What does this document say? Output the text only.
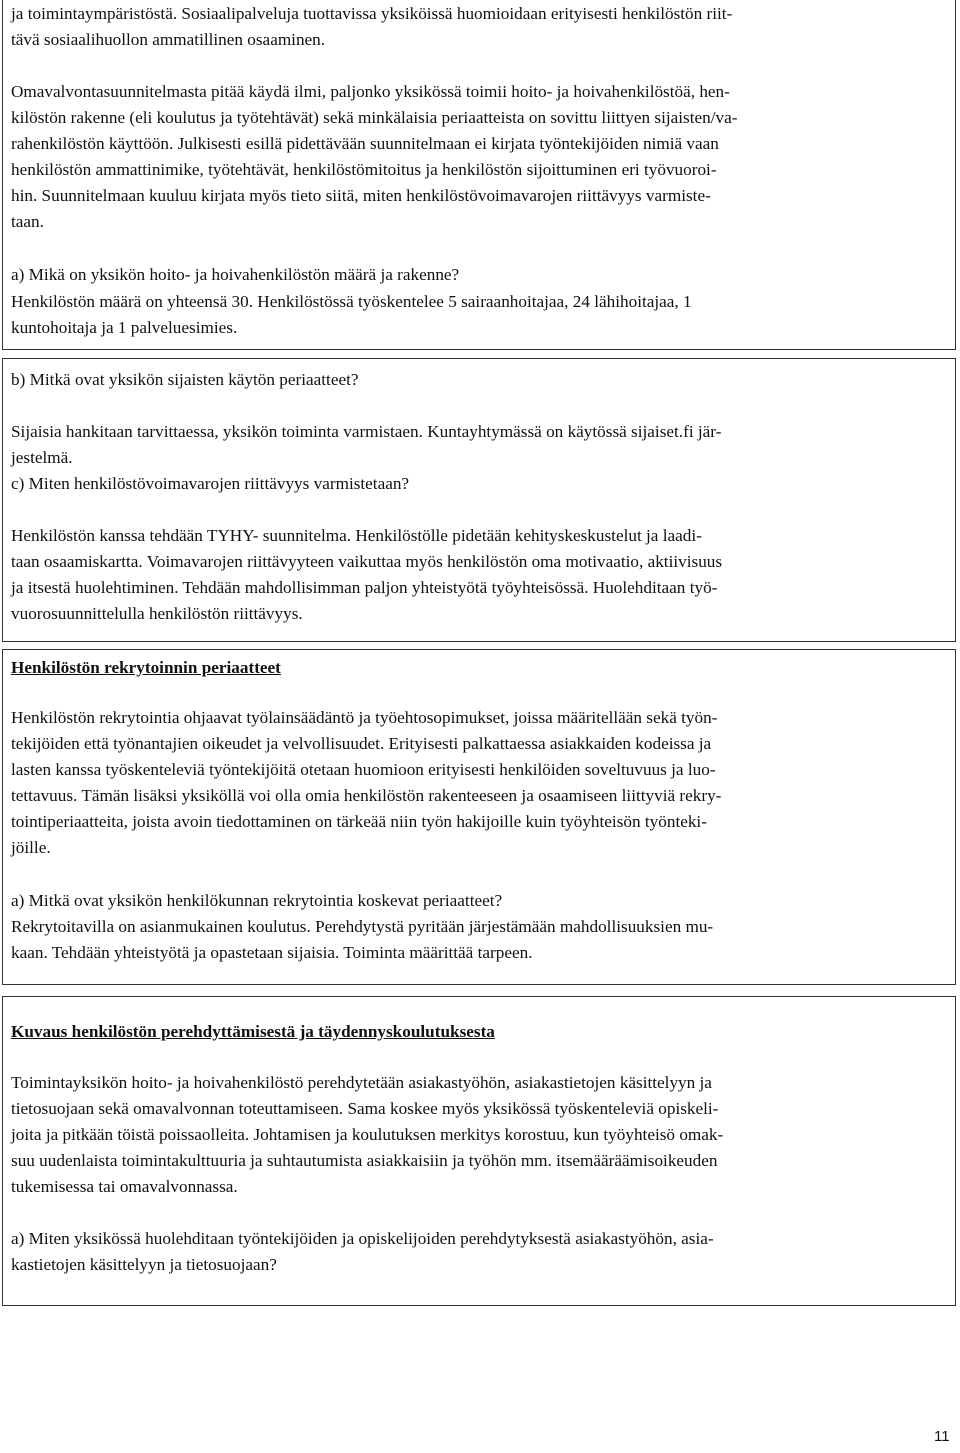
ja toimintaympäristöstä. Sosiaalipalveluja tuottavissa yksiköissä huomioidaan erityisesti henkilöstön riit-
tävä sosiaalihuollon ammatillinen osaaminen.

Omavalvontasuunnitelmasta pitää käydä ilmi, paljonko yksikössä toimii hoito- ja hoivahenkilöstöä, hen-
kilöstön rakenne (eli koulutus ja työtehtävät) sekä minkälaisia periaatteista on sovittu liittyen sijaisten/va-
rahenkilöstön käyttöön. Julkisesti esillä pidettävään suunnitelmaan ei kirjata työntekijöiden nimiä vaan
henkilöstön ammattinimike, työtehtävät, henkilöstömitoitus ja henkilöstön sijoittuminen eri työvuoroi-
hin. Suunnitelmaan kuuluu kirjata myös tieto siitä, miten henkilöstövoimavarojen riittävyys varmiste-
taan.

a) Mikä on yksikön hoito- ja hoivahenkilöstön määrä ja rakenne?

Henkilöstön määrä on yhteensä 30. Henkilöstössä työskentelee 5 sairaanhoitajaa, 24 lähihoitajaa, 1
kuntohoitaja ja 1 palveluesimies.

b) Mitkä ovat yksikön sijaisten käytön periaatteet?

Sijaisia hankitaan tarvittaessa, yksikön toiminta varmistaen. Kuntayhtymässä on käytössä sijaiset.fi jär-
jestelmä.

c) Miten henkilöstövoimavarojen riittävyys varmistetaan?

Henkilöstön kanssa tehdään TYHY- suunnitelma. Henkilöstölle pidetään kehityskeskustelut ja laadi-
taan osaamiskartta. Voimavarojen riittävyyteen vaikuttaa myös henkilöstön oma motivaatio, aktiivisuus
ja itsestä huolehtiminen. Tehdään mahdollisimman paljon yhteistyötä työyhteisössä. Huolehditaan työ-
vuorosuunnittelulla henkilöstön riittävyys.

Henkilöstön rekrytoinnin periaatteet

Henkilöstön rekrytointia ohjaavat työlainsäädäntö ja työehtosopimukset, joissa määritellään sekä työn-
tekijöiden että työnantajien oikeudet ja velvollisuudet. Erityisesti palkattaessa asiakkaiden kodeissa ja
lasten kanssa työskenteleviä työntekijöitä otetaan huomioon erityisesti henkilöiden soveltuvuus ja luo-
tettavuus. Tämän lisäksi yksiköllä voi olla omia henkilöstön rakenteeseen ja osaamiseen liittyviä rekry-
tointiperiaatteita, joista avoin tiedottaminen on tärkeää niin työn hakijoille kuin työyhteisön työnteki-
jöille.

a) Mitkä ovat yksikön henkilökunnan rekrytointia koskevat periaatteet?

Rekrytoitavilla on asianmukainen koulutus. Perehdytystä pyritään järjestämään mahdollisuuksien mu-
kaan. Tehdään yhteistyötä ja opastetaan sijaisia. Toiminta määrittää tarpeen.

Kuvaus henkilöstön perehdyttämisestä ja täydennyskoulutuksesta

Toimintayksikön hoito- ja hoivahenkilöstö perehdytetään asiakastyöhön, asiakastietojen käsittelyyn ja
tietosuojaan sekä omavalvonnan toteuttamiseen. Sama koskee myös yksikössä työskenteleviä opiskeli-
joita ja pitkään töistä poissaolleita. Johtamisen ja koulutuksen merkitys korostuu, kun työyhteisö omak-
suu uudenlaista toimintakulttuuria ja suhtautumista asiakkaisiin ja työhön mm. itsemääräämisoikeuden
tukemisessa tai omavalvonnassa.

a) Miten yksikössä huolehditaan työntekijöiden ja opiskelijoiden perehdytyksestä asiakastyöhön, asia-
kastietojen käsittelyyn ja tietosuojaan?

11
